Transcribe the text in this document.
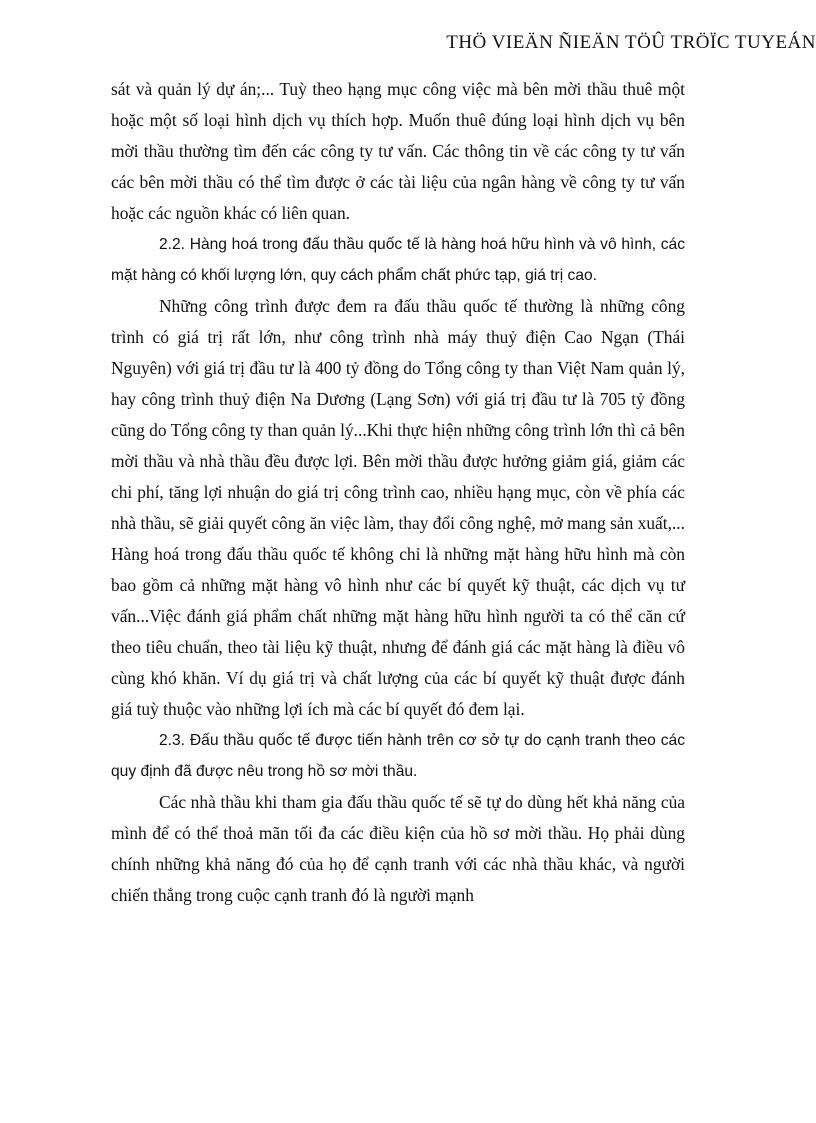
THÖ VIEÄN ÑIEÄN TÖÛ TRÖÏC TUYEÁN

sát và quản lý dự án;... Tuỳ theo hạng mục công việc mà bên mời thầu thuê một hoặc một số loại hình dịch vụ thích hợp. Muốn thuê đúng loại hình dịch vụ bên mời thầu thường tìm đến các công ty tư vấn. Các thông tin về các công ty tư vấn các bên mời thầu có thể tìm được ở các tài liệu của ngân hàng về công ty tư vấn hoặc các nguồn khác có liên quan.

2.2. Hàng hoá trong đấu thầu quốc tế là hàng hoá hữu hình và vô hình, các mặt hàng có khối lượng lớn, quy cách phẩm chất phức tạp, giá trị cao.

Những công trình được đem ra đấu thầu quốc tế thường là những công trình có giá trị rất lớn, như công trình nhà máy thuỷ điện Cao Ngạn (Thái Nguyên) với giá trị đầu tư là 400 tỷ đồng do Tổng công ty than Việt Nam quản lý, hay công trình thuỷ điện Na Dương (Lạng Sơn) với giá trị đầu tư là 705 tỷ đồng cũng do Tổng công ty than quản lý...Khi thực hiện những công trình lớn thì cả bên mời thầu và nhà thầu đều được lợi. Bên mời thầu được hưởng giảm giá, giảm các chi phí, tăng lợi nhuận do giá trị công trình cao, nhiều hạng mục, còn về phía các nhà thầu, sẽ giải quyết công ăn việc làm, thay đổi công nghệ, mở mang sản xuất,... Hàng hoá trong đấu thầu quốc tế không chỉ là những mặt hàng hữu hình mà còn bao gồm cả những mặt hàng vô hình như các bí quyết kỹ thuật, các dịch vụ tư vấn...Việc đánh giá phẩm chất những mặt hàng hữu hình người ta có thể căn cứ theo tiêu chuẩn, theo tài liệu kỹ thuật, nhưng để đánh giá các mặt hàng là điều vô cùng khó khăn. Ví dụ giá trị và chất lượng của các bí quyết kỹ thuật được đánh giá tuỳ thuộc vào những lợi ích mà các bí quyết đó đem lại.

2.3. Đấu thầu quốc tế được tiến hành trên cơ sở tự do cạnh tranh theo các quy định đã được nêu trong hồ sơ mời thầu.

Các nhà thầu khi tham gia đấu thầu quốc tế sẽ tự do dùng hết khả năng của mình để có thể thoả mãn tối đa các điều kiện của hồ sơ mời thầu. Họ phải dùng chính những khả năng đó của họ để cạnh tranh với các nhà thầu khác, và người chiến thắng trong cuộc cạnh tranh đó là người mạnh
